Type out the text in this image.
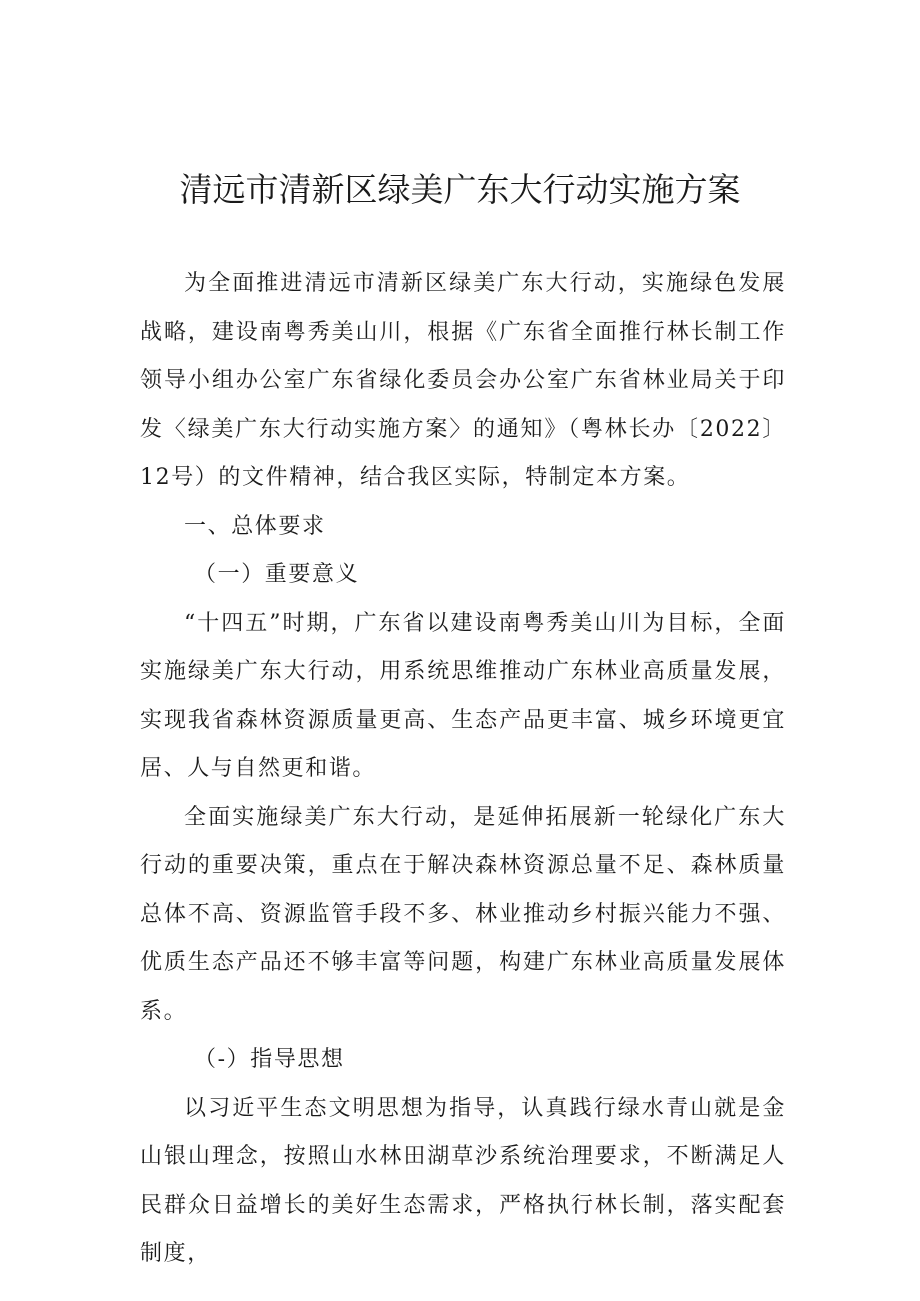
清远市清新区绿美广东大行动实施方案

为全面推进清远市清新区绿美广东大行动，实施绿色发展战略，建设南粤秀美山川，根据《广东省全面推行林长制工作领导小组办公室广东省绿化委员会办公室广东省林业局关于印发〈绿美广东大行动实施方案〉的通知》（粤林长办〔2022〕12号）的文件精神，结合我区实际，特制定本方案。

一、总体要求

（一）重要意义

“十四五”时期，广东省以建设南粤秀美山川为目标，全面实施绿美广东大行动，用系统思维推动广东林业高质量发展，实现我省森林资源质量更高、生态产品更丰富、城乡环境更宜居、人与自然更和谐。

全面实施绿美广东大行动，是延伸拓展新一轮绿化广东大行动的重要决策，重点在于解决森林资源总量不足、森林质量总体不高、资源监管手段不多、林业推动乡村振兴能力不强、优质生态产品还不够丰富等问题，构建广东林业高质量发展体系。

（-）指导思想

以习近平生态文明思想为指导，认真践行绿水青山就是金山银山理念，按照山水林田湖草沙系统治理要求，不断满足人民群众日益增长的美好生态需求，严格执行林长制，落实配套制度，
